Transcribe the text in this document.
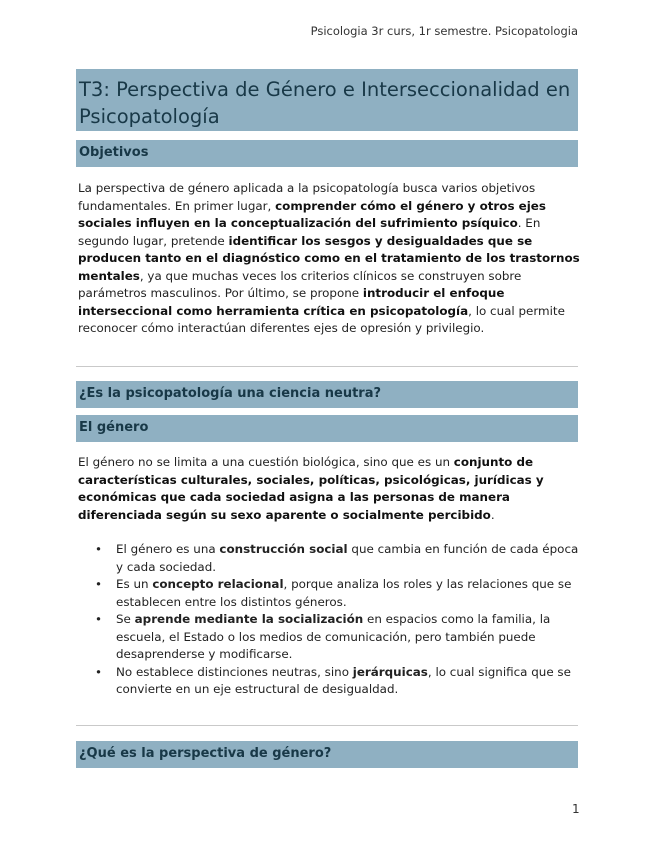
Psicologia 3r curs, 1r semestre. Psicopatologia
T3: Perspectiva de Género e Interseccionalidad en
Psicopatología
Objetivos

La perspectiva de género aplicada a la psicopatología busca varios objetivos fundamentales. En primer lugar, comprender cómo el género y otros ejes sociales influyen en la conceptualización del sufrimiento psíquico. En segundo lugar, pretende identificar los sesgos y desigualdades que se producen tanto en el diagnóstico como en el tratamiento de los trastornos mentales, ya que muchas veces los criterios clínicos se construyen sobre parámetros masculinos. Por último, se propone introducir el enfoque interseccional como herramienta crítica en psicopatología, lo cual permite reconocer cómo interactúan diferentes ejes de opresión y privilegio.

¿Es la psicopatología una ciencia neutra?
El género

El género no se limita a una cuestión biológica, sino que es un conjunto de características culturales, sociales, políticas, psicológicas, jurídicas y económicas que cada sociedad asigna a las personas de manera diferenciada según su sexo aparente o socialmente percibido.

• El género es una construcción social que cambia en función de cada época y cada sociedad.
• Es un concepto relacional, porque analiza los roles y las relaciones que se establecen entre los distintos géneros.
• Se aprende mediante la socialización en espacios como la familia, la escuela, el Estado o los medios de comunicación, pero también puede desaprenderse y modificarse.
• No establece distinciones neutras, sino jerárquicas, lo cual significa que se convierte en un eje estructural de desigualdad.
¿Qué es la perspectiva de género?
1
